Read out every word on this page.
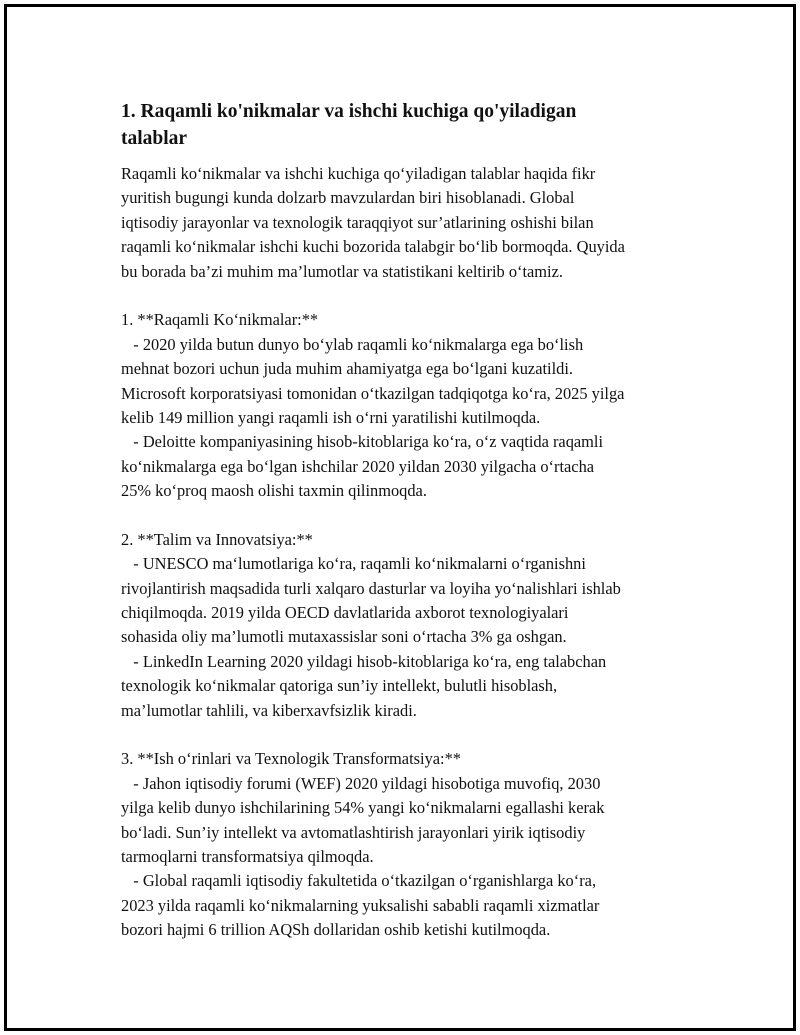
1. Raqamli ko'nikmalar va ishchi kuchiga qo'yiladigan
talablar
Raqamli ko‘nikmalar va ishchi kuchiga qo‘yiladigan talablar haqida fikr
yuritish bugungi kunda dolzarb mavzulardan biri hisoblanadi. Global
iqtisodiy jarayonlar va texnologik taraqqiyot sur’atlarining oshishi bilan
raqamli ko‘nikmalar ishchi kuchi bozorida talabgir bo‘lib bormoqda. Quyida
bu borada ba’zi muhim ma’lumotlar va statistikani keltirib o‘tamiz.
1. **Raqamli Ko‘nikmalar:**
- 2020 yilda butun dunyo bo‘ylab raqamli ko‘nikmalarga ega bo‘lish
mehnat bozori uchun juda muhim ahamiyatga ega bo‘lgani kuzatildi.
Microsoft korporatsiyasi tomonidan o‘tkazilgan tadqiqotga ko‘ra, 2025 yilga
kelib 149 million yangi raqamli ish o‘rni yaratilishi kutilmoqda.
- Deloitte kompaniyasining hisob-kitoblariga ko‘ra, o‘z vaqtida raqamli
ko‘nikmalarga ega bo‘lgan ishchilar 2020 yildan 2030 yilgacha o‘rtacha
25% ko‘proq maosh olishi taxmin qilinmoqda.
2. **Talim va Innovatsiya:**
- UNESCO ma‘lumotlariga ko‘ra, raqamli ko‘nikmalarni o‘rganishni
rivojlantirish maqsadida turli xalqaro dasturlar va loyiha yo‘nalishlari ishlab
chiqilmoqda. 2019 yilda OECD davlatlarida axborot texnologiyalari
sohasida oliy ma’lumotli mutaxassislar soni o‘rtacha 3% ga oshgan.
- LinkedIn Learning 2020 yildagi hisob-kitoblariga ko‘ra, eng talabchan
texnologik ko‘nikmalar qatoriga sun’iy intellekt, bulutli hisoblash,
ma’lumotlar tahlili, va kiberxavfsizlik kiradi.
3. **Ish o‘rinlari va Texnologik Transformatsiya:**
- Jahon iqtisodiy forumi (WEF) 2020 yildagi hisobotiga muvofiq, 2030
yilga kelib dunyo ishchilarining 54% yangi ko‘nikmalarni egallashi kerak
bo‘ladi. Sun’iy intellekt va avtomatlashtirish jarayonlari yirik iqtisodiy
tarmoqlarni transformatsiya qilmoqda.
- Global raqamli iqtisodiy fakultetida o‘tkazilgan o‘rganishlarga ko‘ra,
2023 yilda raqamli ko‘nikmalarning yuksalishi sababli raqamli xizmatlar
bozori hajmi 6 trillion AQSh dollaridan oshib ketishi kutilmoqda.
